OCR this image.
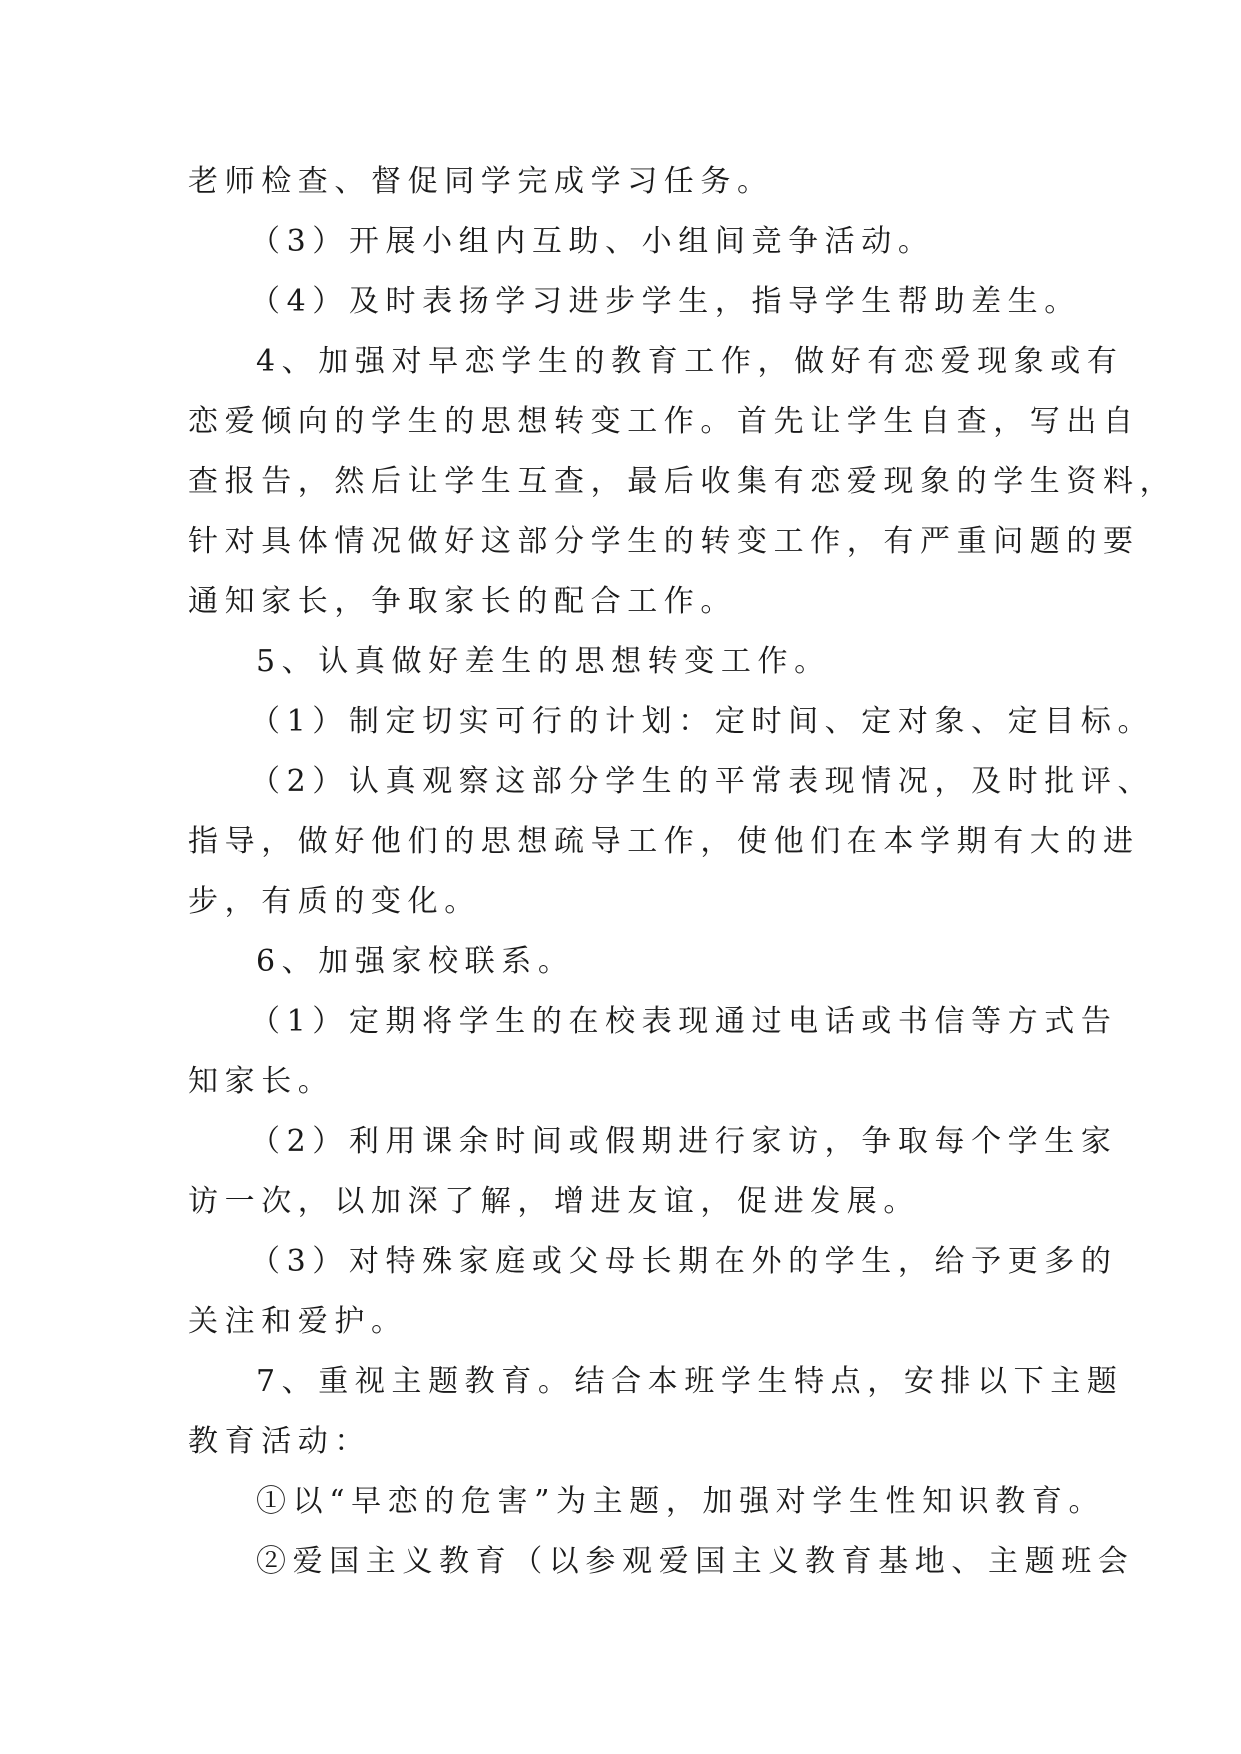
老师检查、督促同学完成学习任务。
（3）开展小组内互助、小组间竞争活动。
（4）及时表扬学习进步学生，指导学生帮助差生。
4、加强对早恋学生的教育工作，做好有恋爱现象或有
恋爱倾向的学生的思想转变工作。首先让学生自查，写出自
查报告，然后让学生互查，最后收集有恋爱现象的学生资料，
针对具体情况做好这部分学生的转变工作，有严重问题的要
通知家长，争取家长的配合工作。
5、认真做好差生的思想转变工作。
（1）制定切实可行的计划：定时间、定对象、定目标。
（2）认真观察这部分学生的平常表现情况，及时批评、
指导，做好他们的思想疏导工作，使他们在本学期有大的进
步，有质的变化。
6、加强家校联系。
（1）定期将学生的在校表现通过电话或书信等方式告
知家长。
（2）利用课余时间或假期进行家访，争取每个学生家
访一次，以加深了解，增进友谊，促进发展。
（3）对特殊家庭或父母长期在外的学生，给予更多的
关注和爱护。
7、重视主题教育。结合本班学生特点，安排以下主题
教育活动：
①以“早恋的危害”为主题，加强对学生性知识教育。
②爱国主义教育（以参观爱国主义教育基地、主题班会
